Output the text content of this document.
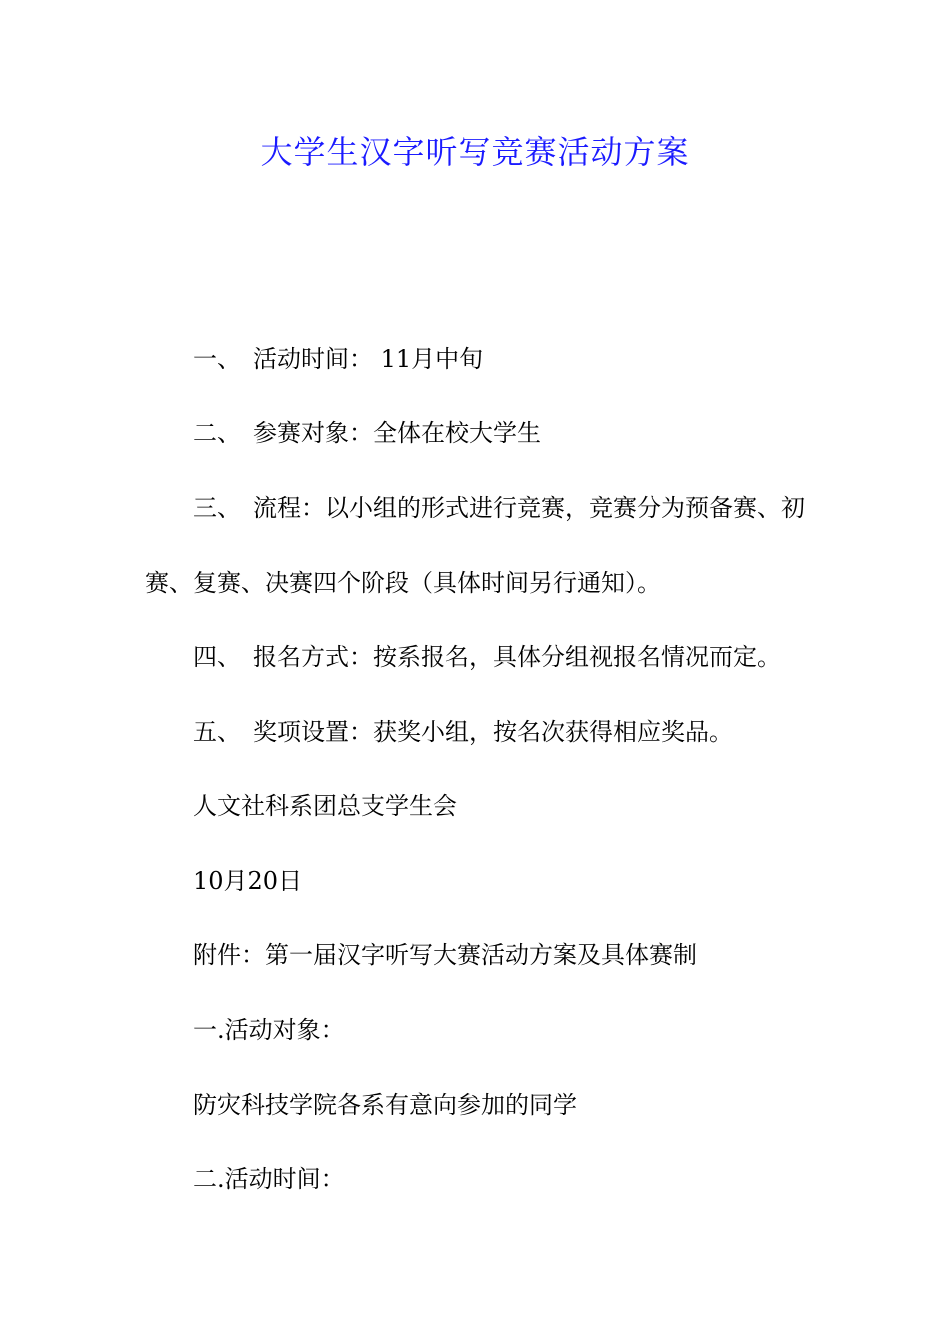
大学生汉字听写竞赛活动方案

一、 活动时间： 11月中旬

二、 参赛对象：全体在校大学生

三、 流程：以小组的形式进行竞赛，竞赛分为预备赛、初

赛、复赛、决赛四个阶段（具体时间另行通知）。

四、 报名方式：按系报名，具体分组视报名情况而定。

五、 奖项设置：获奖小组，按名次获得相应奖品。

人文社科系团总支学生会

10月20日

附件：第一届汉字听写大赛活动方案及具体赛制

一.活动对象：

防灾科技学院各系有意向参加的同学

二.活动时间：
